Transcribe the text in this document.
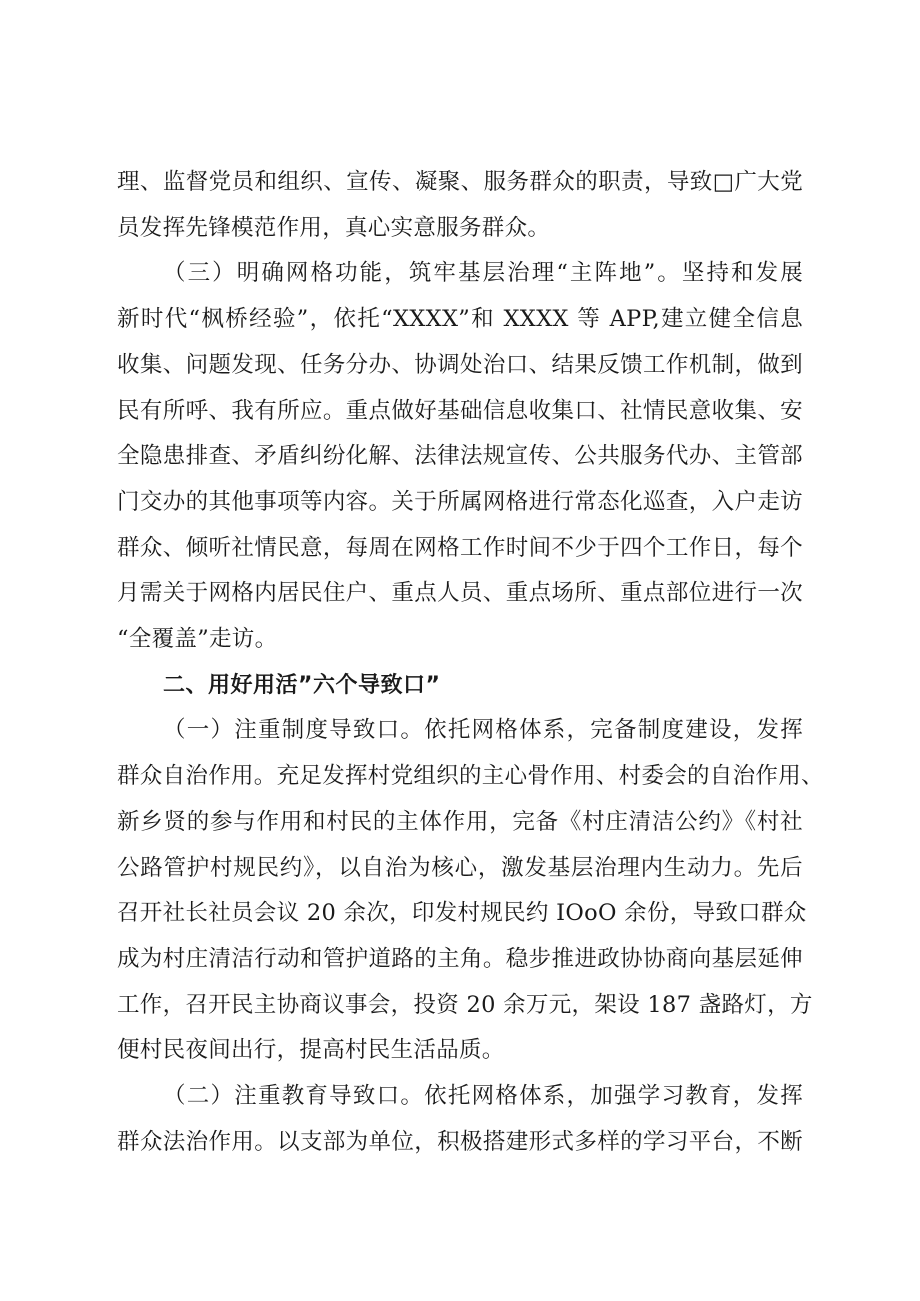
理、监督党员和组织、宣传、凝聚、服务群众的职责，导致□广大党
员发挥先锋模范作用，真心实意服务群众。

（三）明确网格功能，筑牢基层治理“主阵地”。坚持和发展
新时代“枫桥经验”，依托“XXXX”和 XXXX 等 APP,建立健全信息
收集、问题发现、任务分办、协调处治口、结果反馈工作机制，做到
民有所呼、我有所应。重点做好基础信息收集口、社情民意收集、安
全隐患排查、矛盾纠纷化解、法律法规宣传、公共服务代办、主管部
门交办的其他事项等内容。关于所属网格进行常态化巡查，入户走访
群众、倾听社情民意，每周在网格工作时间不少于四个工作日，每个
月需关于网格内居民住户、重点人员、重点场所、重点部位进行一次
“全覆盖”走访。

二、用好用活”六个导致口”

（一）注重制度导致口。依托网格体系，完备制度建设，发挥
群众自治作用。充足发挥村党组织的主心骨作用、村委会的自治作用、
新乡贤的参与作用和村民的主体作用，完备《村庄清洁公约》《村社
公路管护村规民约》，以自治为核心，激发基层治理内生动力。先后
召开社长社员会议 20 余次，印发村规民约 IOoO 余份，导致口群众
成为村庄清洁行动和管护道路的主角。稳步推进政协协商向基层延伸
工作，召开民主协商议事会，投资 20 余万元，架设 187 盏路灯，方
便村民夜间出行，提高村民生活品质。

（二）注重教育导致口。依托网格体系，加强学习教育，发挥
群众法治作用。以支部为单位，积极搭建形式多样的学习平台，不断
